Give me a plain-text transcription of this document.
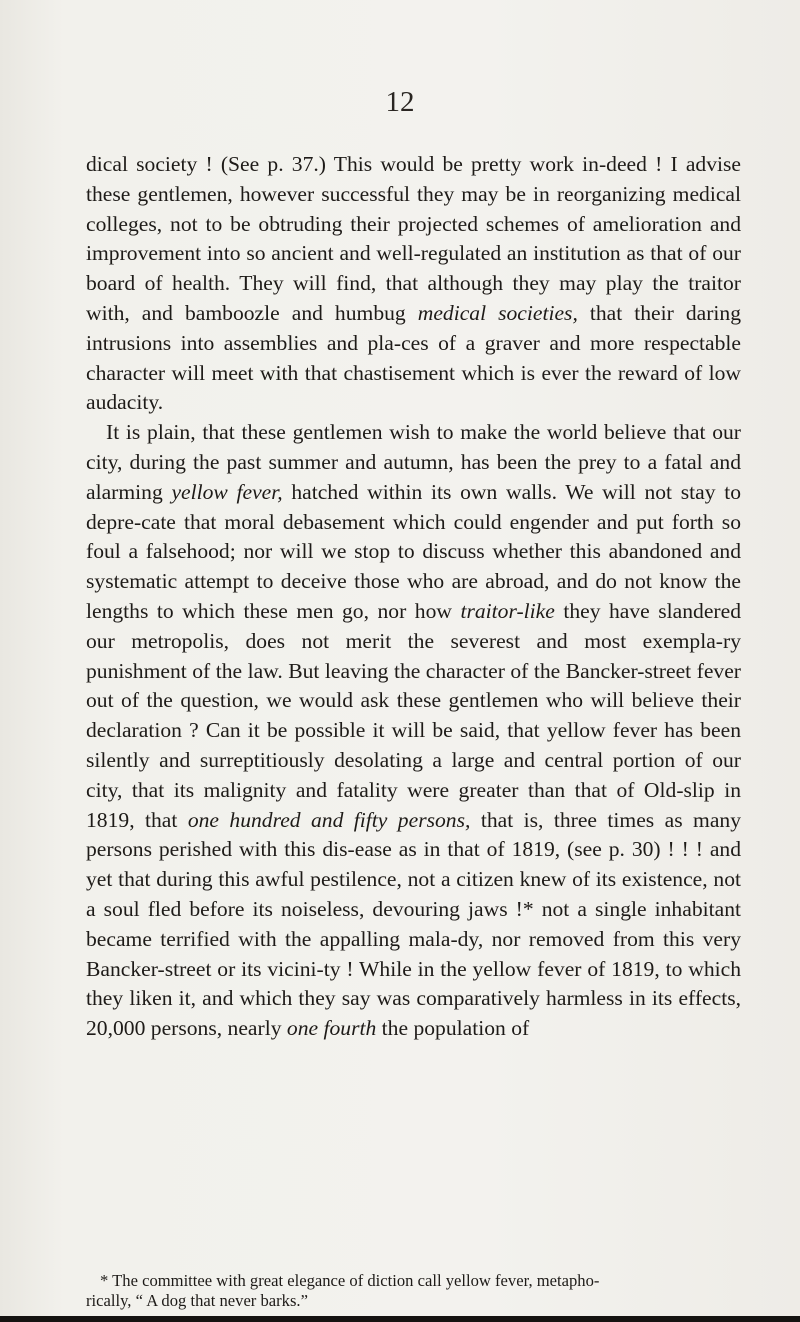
12

dical society ! (See p. 37.) This would be pretty work in-deed ! I advise these gentlemen, however successful they may be in reorganizing medical colleges, not to be obtruding their projected schemes of amelioration and improvement into so ancient and well-regulated an institution as that of our board of health. They will find, that although they may play the traitor with, and bamboozle and humbug medical societies, that their daring intrusions into assemblies and pla-ces of a graver and more respectable character will meet with that chastisement which is ever the reward of low audacity.

It is plain, that these gentlemen wish to make the world believe that our city, during the past summer and autumn, has been the prey to a fatal and alarming yellow fever, hatched within its own walls. We will not stay to depre-cate that moral debasement which could engender and put forth so foul a falsehood; nor will we stop to discuss whether this abandoned and systematic attempt to deceive those who are abroad, and do not know the lengths to which these men go, nor how traitor-like they have slandered our metropolis, does not merit the severest and most exempla-ry punishment of the law. But leaving the character of the Bancker-street fever out of the question, we would ask these gentlemen who will believe their declaration ? Can it be possible it will be said, that yellow fever has been silently and surreptitiously desolating a large and central portion of our city, that its malignity and fatality were greater than that of Old-slip in 1819, that one hundred and fifty persons, that is, three times as many persons perished with this dis-ease as in that of 1819, (see p. 30) ! ! ! and yet that during this awful pestilence, not a citizen knew of its existence, not a soul fled before its noiseless, devouring jaws !* not a single inhabitant became terrified with the appalling mala-dy, nor removed from this very Bancker-street or its vicini-ty ! While in the yellow fever of 1819, to which they liken it, and which they say was comparatively harmless in its effects, 20,000 persons, nearly one fourth the population of

* The committee with great elegance of diction call yellow fever, metapho-
rically, “ A dog that never barks.”
